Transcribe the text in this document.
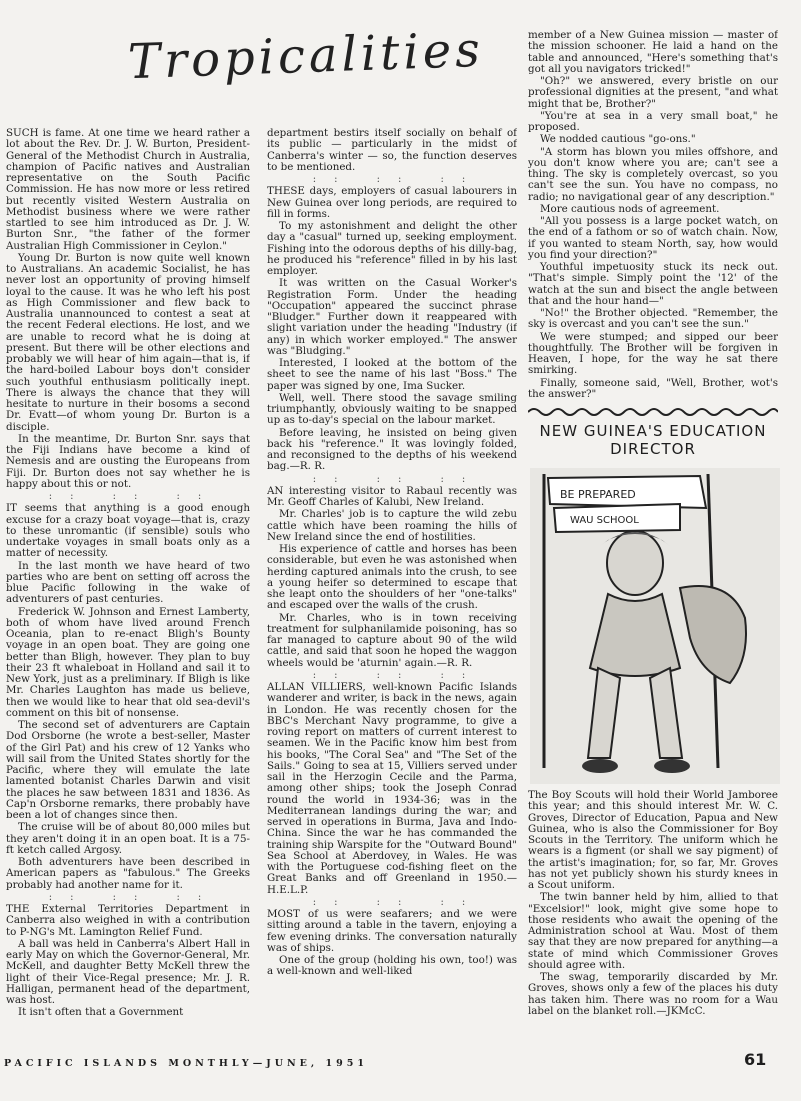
Tropicalities

SUCH is fame. At one time we heard rather a lot about the Rev. Dr. J. W. Burton, President-General of the Methodist Church in Australia, champion of Pacific natives and Australian representative on the South Pacific Commission. He has now more or less retired but recently visited Western Australia on Methodist business where we were rather startled to see him introduced as Dr. J. W. Burton Snr., "the father of the former Australian High Commissioner in Ceylon."

Young Dr. Burton is now quite well known to Australians. An academic Socialist, he has never lost an opportunity of proving himself loyal to the cause. It was he who left his post as High Commissioner and flew back to Australia unannounced to contest a seat at the recent Federal elections. He lost, and we are unable to record what he is doing at present. But there will be other elections and probably we will hear of him again—that is, if the hard-boiled Labour boys don't consider such youthful enthusiasm politically inept. There is always the chance that they will hesitate to nurture in their bosoms a second Dr. Evatt—of whom young Dr. Burton is a disciple.

In the meantime, Dr. Burton Snr. says that the Fiji Indians have become a kind of Nemesis and are ousting the Europeans from Fiji. Dr. Burton does not say whether he is happy about this or not.

:: :: ::

IT seems that anything is a good enough excuse for a crazy boat voyage—that is, crazy to these unromantic (if sensible) souls who undertake voyages in small boats only as a matter of necessity.

In the last month we have heard of two parties who are bent on setting off across the blue Pacific following in the wake of adventurers of past centuries.

Frederick W. Johnson and Ernest Lamberty, both of whom have lived around French Oceania, plan to re-enact Bligh's Bounty voyage in an open boat. They are going one better than Bligh, however. They plan to buy their 23 ft whaleboat in Holland and sail it to New York, just as a preliminary. If Bligh is like Mr. Charles Laughton has made us believe, then we would like to hear that old sea-devil's comment on this bit of nonsense.

The second set of adventurers are Captain Dod Orsborne (he wrote a best-seller, Master of the Girl Pat) and his crew of 12 Yanks who will sail from the United States shortly for the Pacific, where they will emulate the late lamented botanist Charles Darwin and visit the places he saw between 1831 and 1836. As Cap'n Orsborne remarks, there probably have been a lot of changes since then.

The cruise will be of about 80,000 miles but they aren't doing it in an open boat. It is a 75-ft ketch called Argosy.

Both adventurers have been described in American papers as "fabulous." The Greeks probably had another name for it.

:: :: ::

THE External Territories Department in Canberra also weighed in with a contribution to P-NG's Mt. Lamington Relief Fund.

A ball was held in Canberra's Albert Hall in early May on which the Governor-General, Mr. McKell, and daughter Betty McKell threw the light of their Vice-Regal presence; Mr. J. R. Halligan, permanent head of the department, was host.

It isn't often that a Government

department bestirs itself socially on behalf of its public — particularly in the midst of Canberra's winter — so, the function deserves to be mentioned.

:: :: ::

THESE days, employers of casual labourers in New Guinea over long periods, are required to fill in forms.

To my astonishment and delight the other day a "casual" turned up, seeking employment. Fishing into the odorous depths of his dilly-bag, he produced his "reference" filled in by his last employer.

It was written on the Casual Worker's Registration Form. Under the heading "Occupation" appeared the succinct phrase "Bludger." Further down it reappeared with slight variation under the heading "Industry (if any) in which worker employed." The answer was "Bludging."

Interested, I looked at the bottom of the sheet to see the name of his last "Boss." The paper was signed by one, Ima Sucker.

Well, well. There stood the savage smiling triumphantly, obviously waiting to be snapped up as to-day's special on the labour market.

Before leaving, he insisted on being given back his "reference." It was lovingly folded, and reconsigned to the depths of his weekend bag.—R. R.

:: :: ::

AN interesting visitor to Rabaul recently was Mr. Geoff Charles of Kalubi, New Ireland.

Mr. Charles' job is to capture the wild zebu cattle which have been roaming the hills of New Ireland since the end of hostilities.

His experience of cattle and horses has been considerable, but even he was astonished when herding captured animals into the crush, to see a young heifer so determined to escape that she leapt onto the shoulders of her "one-talks" and escaped over the walls of the crush.

Mr. Charles, who is in town receiving treatment for sulphanilamide poisoning, has so far managed to capture about 90 of the wild cattle, and said that soon he hoped the waggon wheels would be 'aturnin' again.—R. R.

:: :: ::

ALLAN VILLIERS, well-known Pacific Islands wanderer and writer, is back in the news, again in London. He was recently chosen for the BBC's Merchant Navy programme, to give a roving report on matters of current interest to seamen. We in the Pacific know him best from his books, "The Coral Sea" and "The Set of the Sails." Going to sea at 15, Villiers served under sail in the Herzogin Cecile and the Parma, among other ships; took the Joseph Conrad round the world in 1934-36; was in the Mediterranean landings during the war; and served in operations in Burma, Java and Indo-China. Since the war he has commanded the training ship Warspite for the "Outward Bound" Sea School at Aberdovey, in Wales. He was with the Portuguese cod-fishing fleet on the Great Banks and off Greenland in 1950.—H.E.L.P.

:: :: ::

MOST of us were seafarers; and we were sitting around a table in the tavern, enjoying a few evening drinks. The conversation naturally was of ships.

One of the group (holding his own, too!) was a well-known and well-liked

member of a New Guinea mission — master of the mission schooner. He laid a hand on the table and announced, "Here's something that's got all you navigators tricked!"

"Oh?" we answered, every bristle on our professional dignities at the present, "and what might that be, Brother?"

"You're at sea in a very small boat," he proposed.

We nodded cautious "go-ons."

"A storm has blown you miles offshore, and you don't know where you are; can't see a thing. The sky is completely overcast, so you can't see the sun. You have no compass, no radio; no navigational gear of any description."

More cautious nods of agreement.

"All you possess is a large pocket watch, on the end of a fathom or so of watch chain. Now, if you wanted to steam North, say, how would you find your direction?"

Youthful impetuosity stuck its neck out. "That's simple. Simply point the '12' of the watch at the sun and bisect the angle between that and the hour hand—"

"No!" the Brother objected. "Remember, the sky is overcast and you can't see the sun."

We were stumped; and sipped our beer thoughtfully. The Brother will be forgiven in Heaven, I hope, for the way he sat there smirking.

Finally, someone said, "Well, Brother, wot's the answer?"

NEW GUINEA'S EDUCATION DIRECTOR
BE PREPARED
WAU SCHOOL

The Boy Scouts will hold their World Jamboree this year; and this should interest Mr. W. C. Groves, Director of Education, Papua and New Guinea, who is also the Commissioner for Boy Scouts in the Territory. The uniform which he wears is a figment (or shall we say pigment) of the artist's imagination; for, so far, Mr. Groves has not yet publicly shown his sturdy knees in a Scout uniform.

The twin banner held by him, allied to that "Excelsior!" look, might give some hope to those residents who await the opening of the Administration school at Wau. Most of them say that they are now prepared for anything—a state of mind which Commissioner Groves should agree with.

The swag, temporarily discarded by Mr. Groves, shows only a few of the places his duty has taken him. There was no room for a Wau label on the blanket roll.—JKMcC.

PACIFIC ISLANDS MONTHLY—JUNE, 1951	61
